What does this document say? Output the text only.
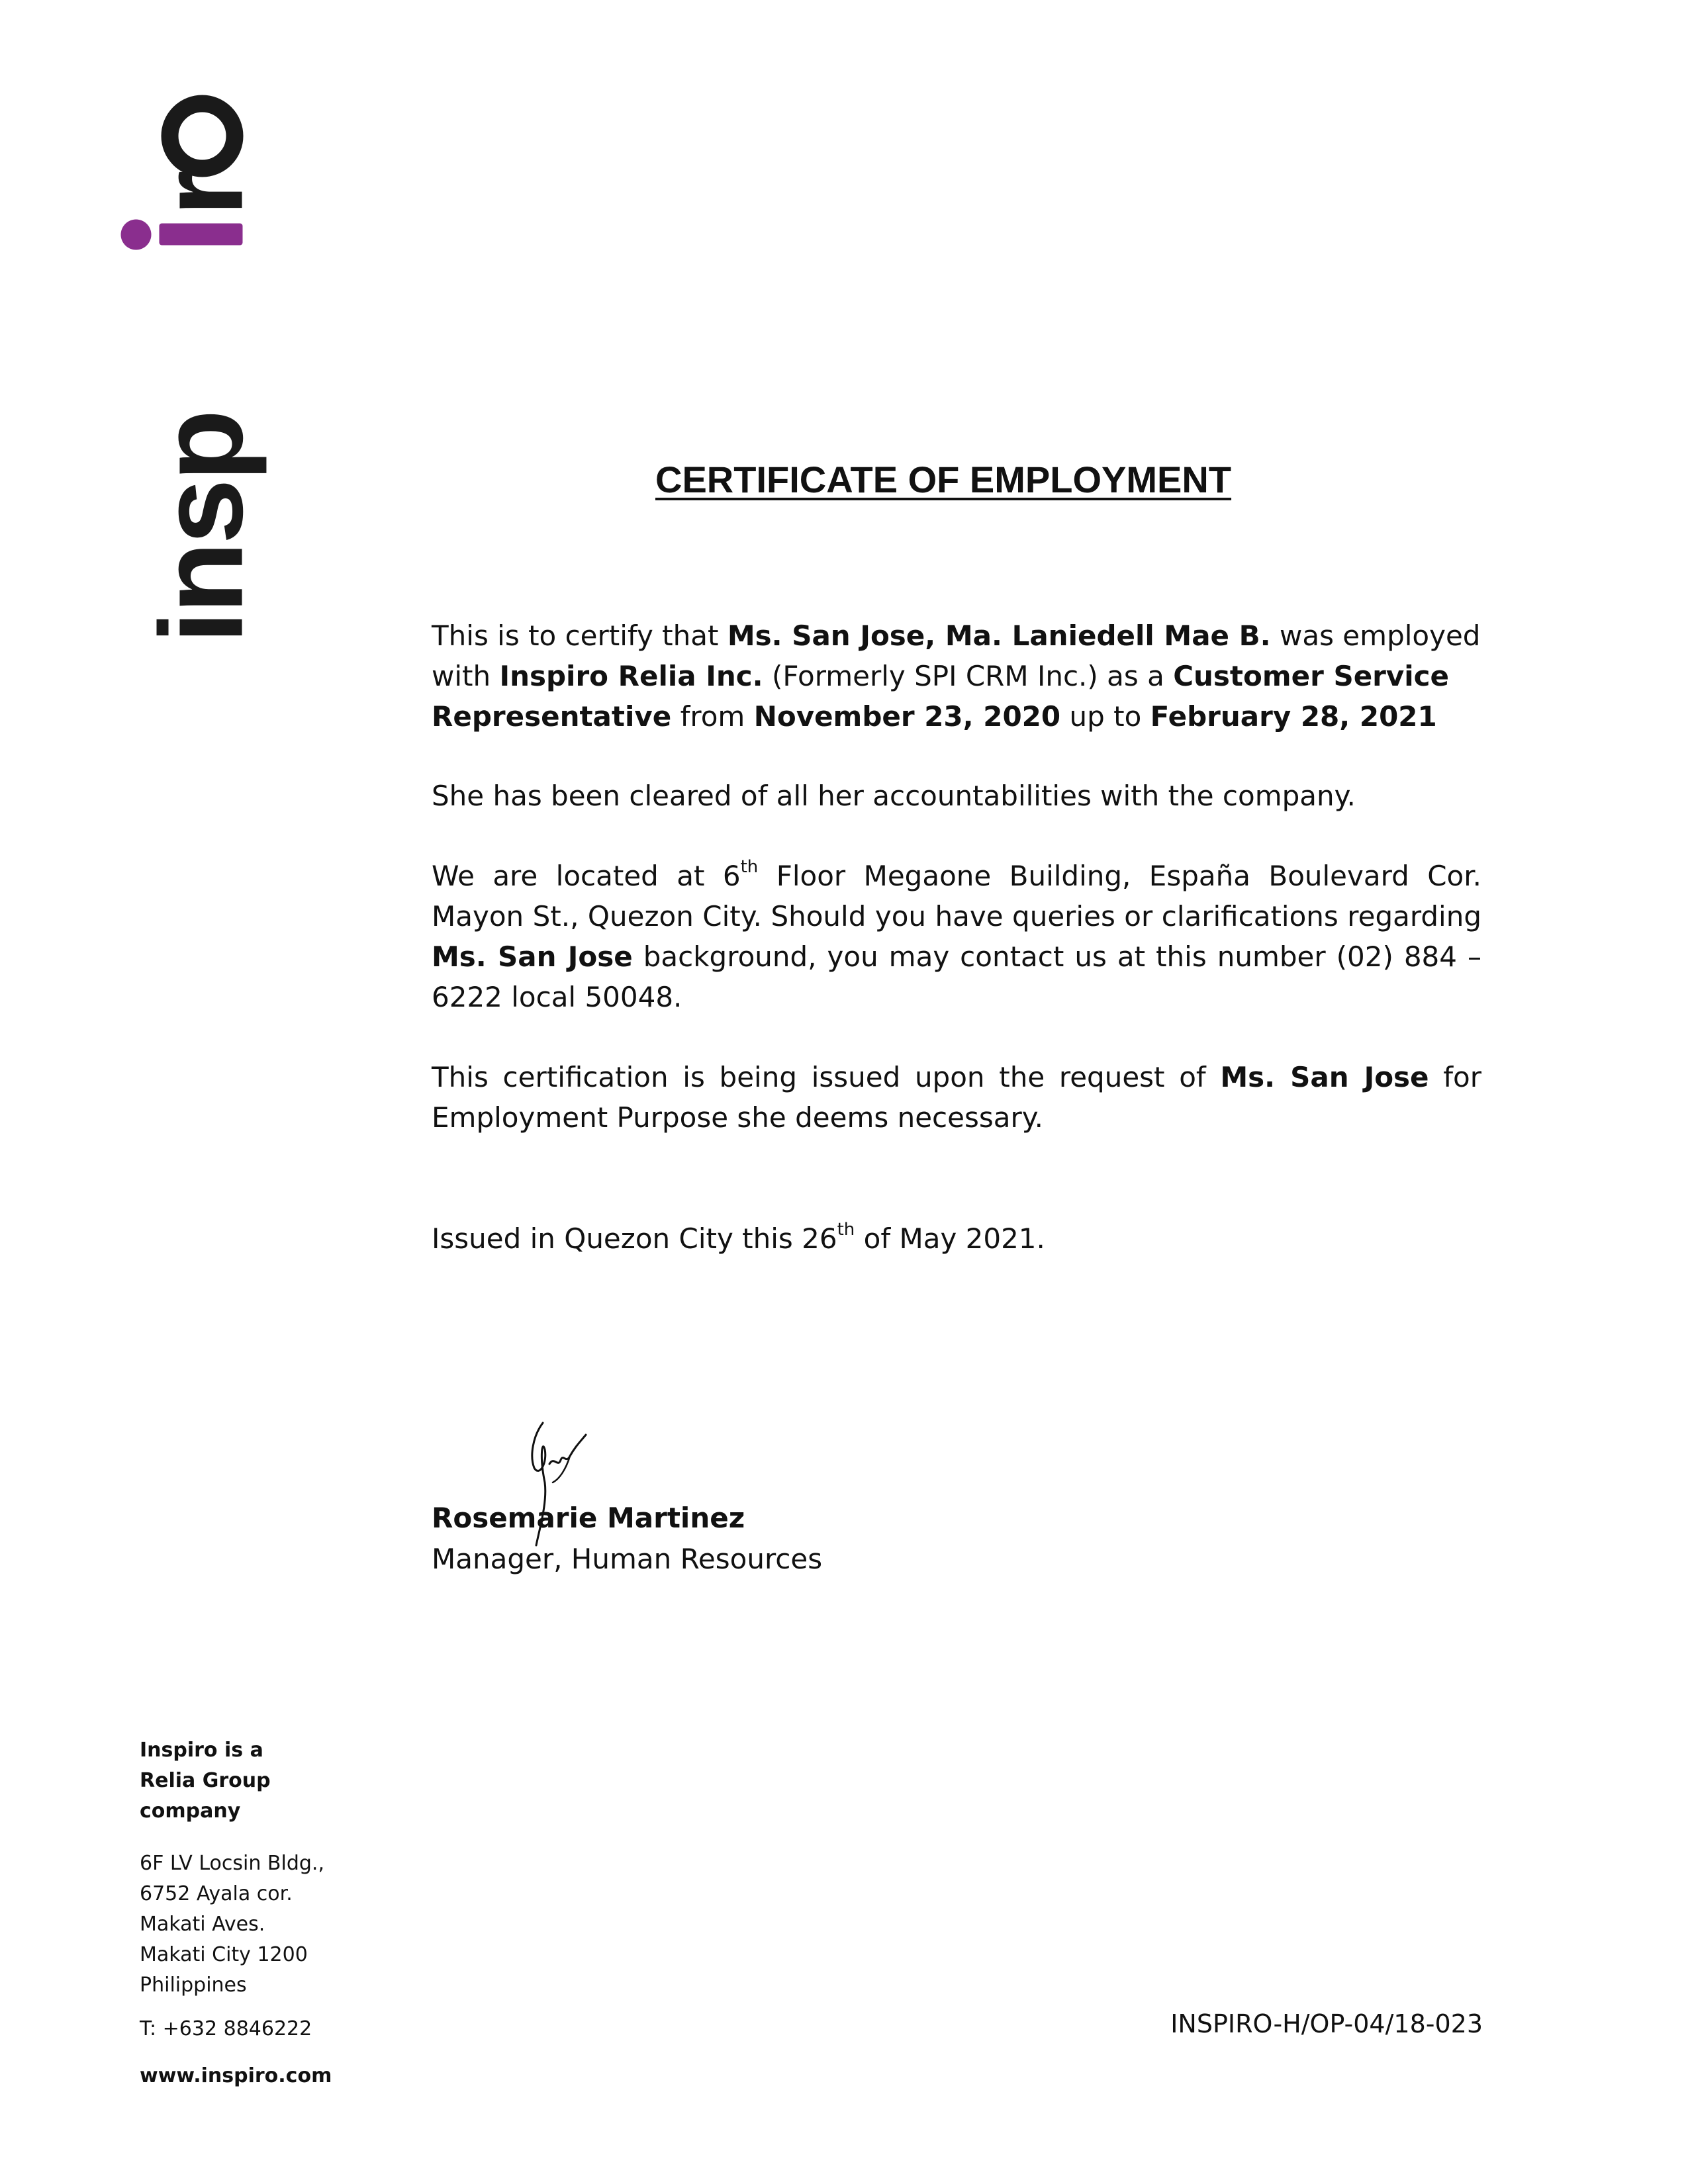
insp
r
CERTIFICATE OF EMPLOYMENT

This is to certify that Ms. San Jose, Ma. Laniedell Mae B. was employed with Inspiro Relia Inc. (Formerly SPI CRM Inc.) as a Customer Service Representative from November 23, 2020 up to February 28, 2021

She has been cleared of all her accountabilities with the company.

We are located at 6th Floor Megaone Building, España Boulevard Cor. Mayon St., Quezon City. Should you have queries or clarifications regarding Ms. San Jose background, you may contact us at this number (02) 884 – 6222 local 50048.

This certification is being issued upon the request of Ms. San Jose for Employment Purpose she deems necessary.

Issued in Quezon City this 26th of May 2021.

Rosemarie Martinez
Manager, Human Resources
Inspiro is a
Relia Group
company
6F LV Locsin Bldg.,
6752 Ayala cor.
Makati Aves.
Makati City 1200
Philippines
T: +632 8846222
www.inspiro.com
INSPIRO-H/OP-04/18-023
